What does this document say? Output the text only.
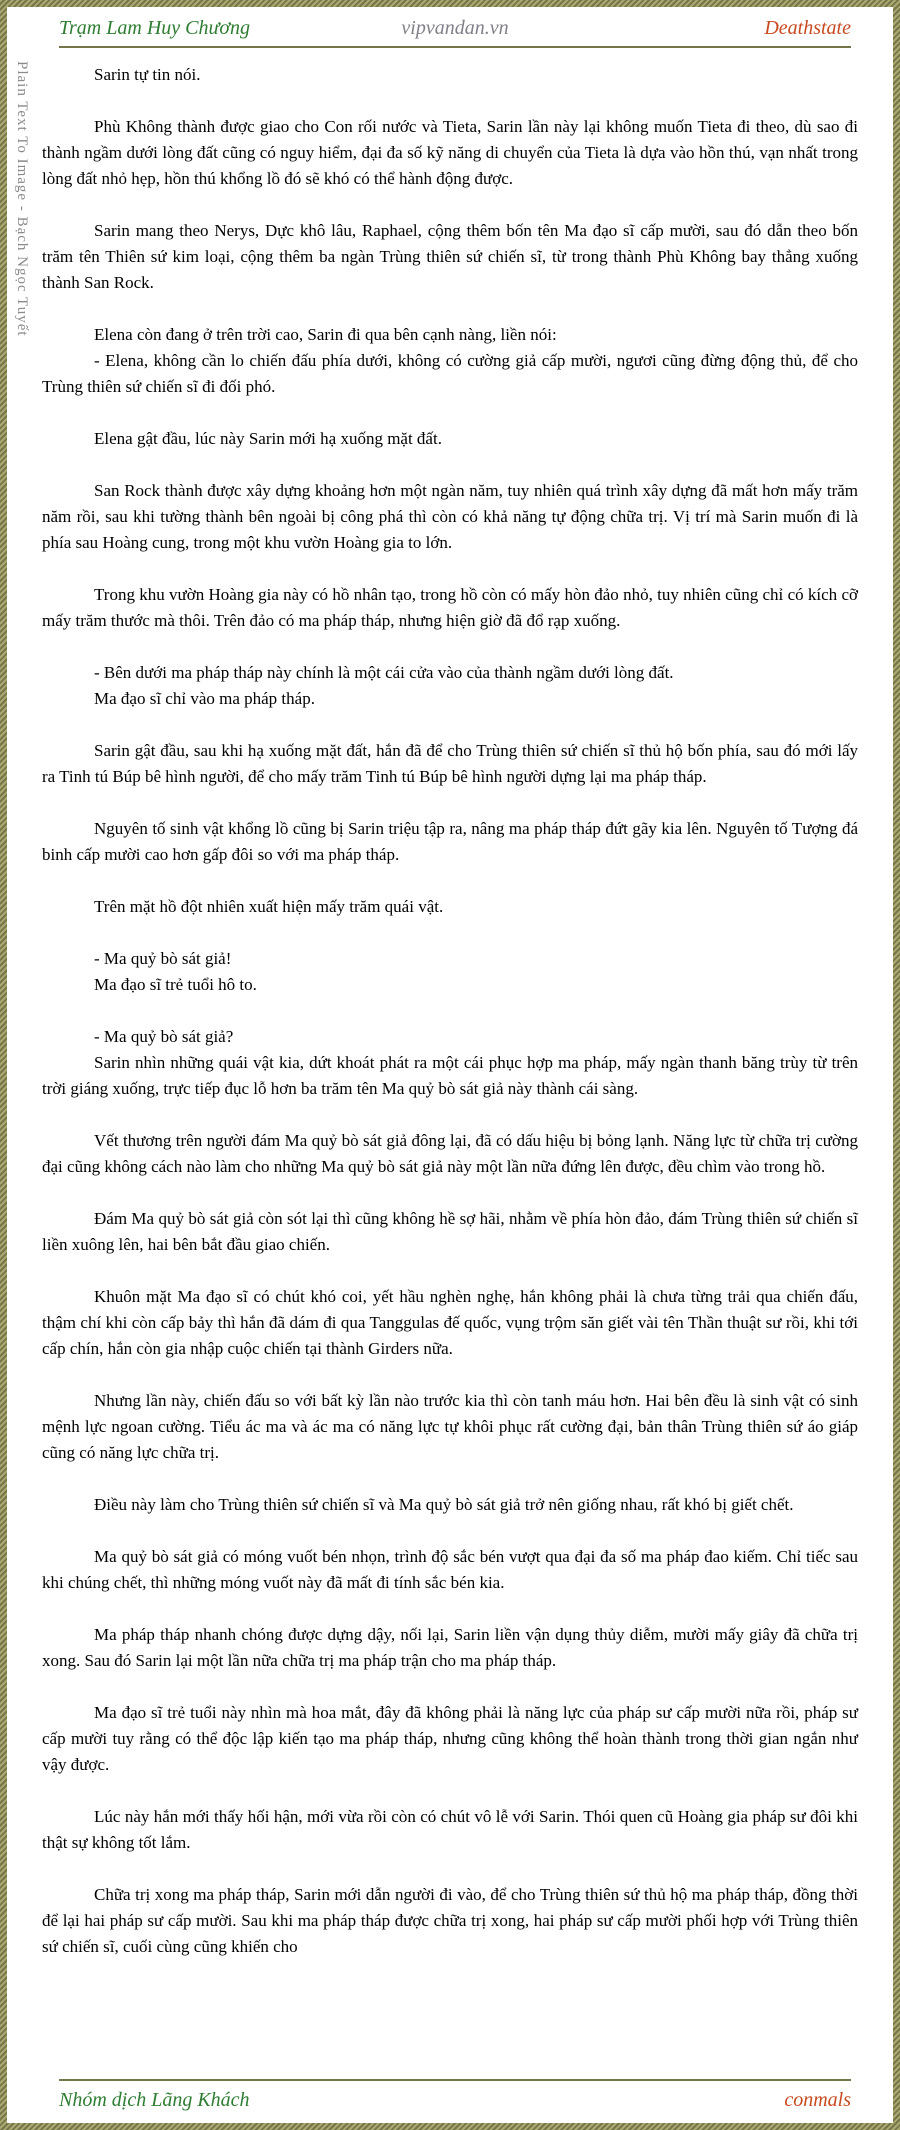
Trạm Lam Huy Chương	vipvandan.vn	Deathstate
Plain Text To Image - Bạch Ngọc Tuyết	Sarin tự tin nói.

Phù Không thành được giao cho Con rối nước và Tieta, Sarin lần này lại không muốn Tieta đi theo, dù sao đi thành ngầm dưới lòng đất cũng có nguy hiểm, đại đa số kỹ năng di chuyển của Tieta là dựa vào hồn thú, vạn nhất trong lòng đất nhỏ hẹp, hồn thú khổng lồ đó sẽ khó có thể hành động được.

Sarin mang theo Nerys, Dực khô lâu, Raphael, cộng thêm bốn tên Ma đạo sĩ cấp mười, sau đó dẫn theo bốn trăm tên Thiên sứ kim loại, cộng thêm ba ngàn Trùng thiên sứ chiến sĩ, từ trong thành Phù Không bay thẳng xuống thành San Rock.

Elena còn đang ở trên trời cao, Sarin đi qua bên cạnh nàng, liền nói:

- Elena, không cần lo chiến đấu phía dưới, không có cường giả cấp mười, ngươi cũng đừng động thủ, để cho Trùng thiên sứ chiến sĩ đi đối phó.

Elena gật đầu, lúc này Sarin mới hạ xuống mặt đất.

San Rock thành được xây dựng khoảng hơn một ngàn năm, tuy nhiên quá trình xây dựng đã mất hơn mấy trăm năm rồi, sau khi tường thành bên ngoài bị công phá thì còn có khả năng tự động chữa trị. Vị trí mà Sarin muốn đi là phía sau Hoàng cung, trong một khu vườn Hoàng gia to lớn.

Trong khu vườn Hoàng gia này có hồ nhân tạo, trong hồ còn có mấy hòn đảo nhỏ, tuy nhiên cũng chỉ có kích cỡ mấy trăm thước mà thôi. Trên đảo có ma pháp tháp, nhưng hiện giờ đã đổ rạp xuống.

- Bên dưới ma pháp tháp này chính là một cái cửa vào của thành ngầm dưới lòng đất.

Ma đạo sĩ chỉ vào ma pháp tháp.

Sarin gật đầu, sau khi hạ xuống mặt đất, hắn đã để cho Trùng thiên sứ chiến sĩ thủ hộ bốn phía, sau đó mới lấy ra Tinh tú Búp bê hình người, để cho mấy trăm Tinh tú Búp bê hình người dựng lại ma pháp tháp.

Nguyên tố sinh vật khổng lồ cũng bị Sarin triệu tập ra, nâng ma pháp tháp đứt gãy kia lên. Nguyên tố Tượng đá binh cấp mười cao hơn gấp đôi so với ma pháp tháp.

Trên mặt hồ đột nhiên xuất hiện mấy trăm quái vật.

- Ma quỷ bò sát giả!

Ma đạo sĩ trẻ tuổi hô to.

- Ma quỷ bò sát giả?

Sarin nhìn những quái vật kia, dứt khoát phát ra một cái phục hợp ma pháp, mấy ngàn thanh băng trùy từ trên trời giáng xuống, trực tiếp đục lỗ hơn ba trăm tên Ma quỷ bò sát giả này thành cái sàng.

Vết thương trên người đám Ma quỷ bò sát giả đông lại, đã có dấu hiệu bị bỏng lạnh. Năng lực từ chữa trị cường đại cũng không cách nào làm cho những Ma quỷ bò sát giả này một lần nữa đứng lên được, đều chìm vào trong hồ.

Đám Ma quỷ bò sát giả còn sót lại thì cũng không hề sợ hãi, nhằm về phía hòn đảo, đám Trùng thiên sứ chiến sĩ liền xuông lên, hai bên bắt đầu giao chiến.

Khuôn mặt Ma đạo sĩ có chút khó coi, yết hầu nghèn nghẹ, hắn không phải là chưa từng trải qua chiến đấu, thậm chí khi còn cấp bảy thì hắn đã dám đi qua Tanggulas đế quốc, vụng trộm săn giết vài tên Thần thuật sư rồi, khi tới cấp chín, hắn còn gia nhập cuộc chiến tại thành Girders nữa.

Nhưng lần này, chiến đấu so với bất kỳ lần nào trước kia thì còn tanh máu hơn. Hai bên đều là sinh vật có sinh mệnh lực ngoan cường. Tiểu ác ma và ác ma có năng lực tự khôi phục rất cường đại, bản thân Trùng thiên sứ áo giáp cũng có năng lực chữa trị.

Điều này làm cho Trùng thiên sứ chiến sĩ và Ma quỷ bò sát giả trở nên giống nhau, rất khó bị giết chết.

Ma quỷ bò sát giả có móng vuốt bén nhọn, trình độ sắc bén vượt qua đại đa số ma pháp đao kiếm. Chỉ tiếc sau khi chúng chết, thì những móng vuốt này đã mất đi tính sắc bén kia.

Ma pháp tháp nhanh chóng được dựng dậy, nối lại, Sarin liền vận dụng thủy diễm, mười mấy giây đã chữa trị xong. Sau đó Sarin lại một lần nữa chữa trị ma pháp trận cho ma pháp tháp.

Ma đạo sĩ trẻ tuổi này nhìn mà hoa mắt, đây đã không phải là năng lực của pháp sư cấp mười nữa rồi, pháp sư cấp mười tuy rằng có thể độc lập kiến tạo ma pháp tháp, nhưng cũng không thể hoàn thành trong thời gian ngắn như vậy được.

Lúc này hắn mới thấy hối hận, mới vừa rồi còn có chút vô lễ với Sarin. Thói quen cũ Hoàng gia pháp sư đôi khi thật sự không tốt lắm.

Chữa trị xong ma pháp tháp, Sarin mới dẫn người đi vào, để cho Trùng thiên sứ thủ hộ ma pháp tháp, đồng thời để lại hai pháp sư cấp mười. Sau khi ma pháp tháp được chữa trị xong, hai pháp sư cấp mười phối hợp với Trùng thiên sứ chiến sĩ, cuối cùng cũng khiến cho

Nhóm dịch Lãng Khách	conmals
